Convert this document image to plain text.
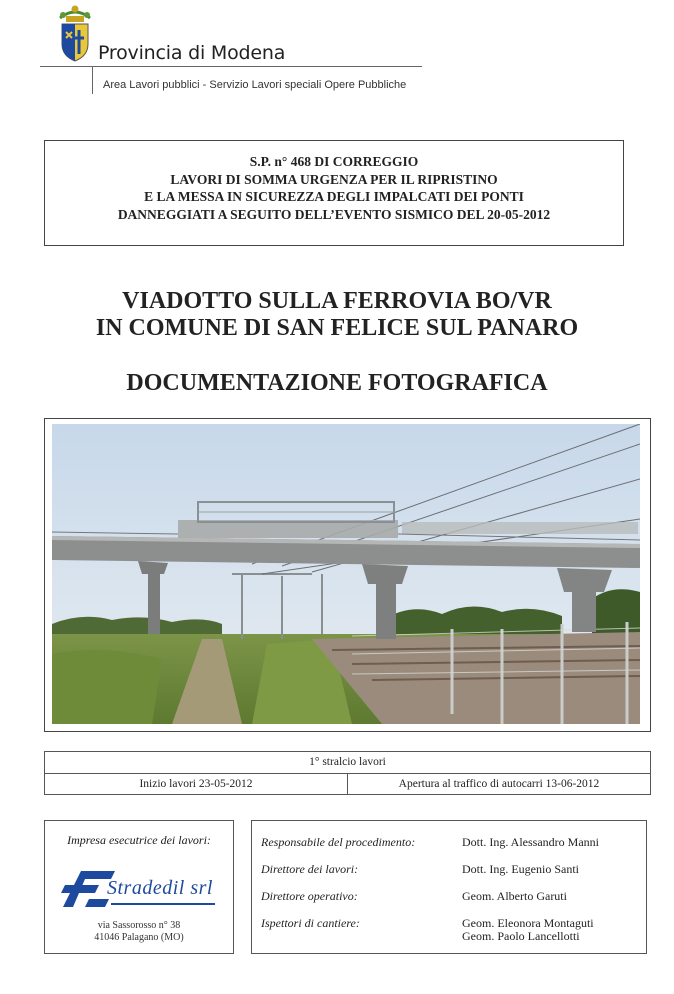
Provincia di Modena
Area Lavori pubblici - Servizio Lavori speciali Opere Pubbliche
S.P. n° 468 DI CORREGGIO
LAVORI DI SOMMA URGENZA PER IL RIPRISTINO
E LA MESSA IN SICUREZZA DEGLI IMPALCATI DEI PONTI
DANNEGGIATI A SEGUITO DELL’EVENTO SISMICO DEL 20-05-2012
VIADOTTO SULLA FERROVIA BO/VR
IN COMUNE DI SAN FELICE SUL PANARO
DOCUMENTAZIONE FOTOGRAFICA
1° stralcio lavori
Inizio lavori 23-05-2012	Apertura al traffico di autocarri 13-06-2012
Impresa esecutrice dei lavori:
Stradedil srl
via Sassorosso n° 38
41046 Palagano (MO)
Responsabile del procedimento:	Dott. Ing. Alessandro Manni
Direttore dei lavori:	Dott. Ing. Eugenio Santi
Direttore operativo:	Geom. Alberto Garuti
Ispettori di cantiere:	Geom. Eleonora Montaguti
Geom. Paolo Lancellotti
